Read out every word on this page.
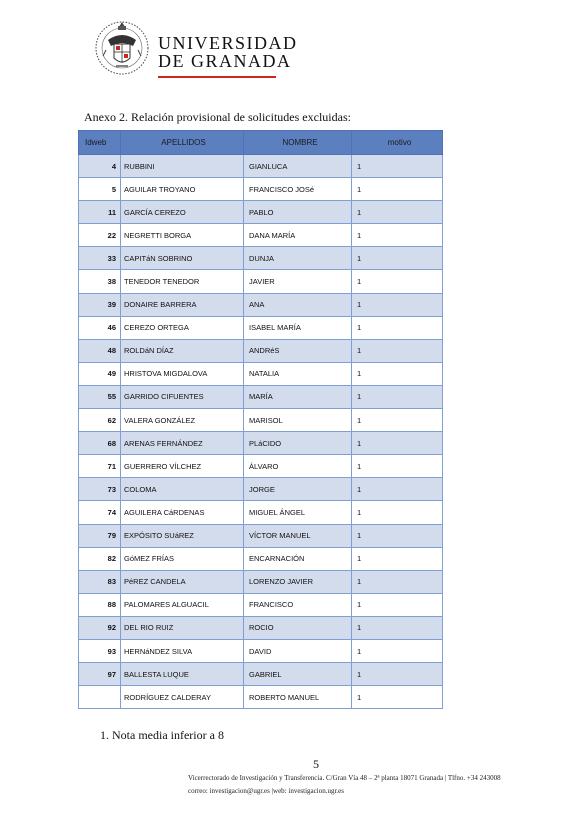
UNIVERSIDAD
DE GRANADA
Anexo 2. Relación provisional de solicitudes excluidas:
Idweb	APELLIDOS	NOMBRE	motivo
4	RUBBINI	GIANLUCA	1
5	AGUILAR TROYANO	FRANCISCO JOSé	1
11	GARCÍA CEREZO	PABLO	1
22	NEGRETTI BORGA	DANA MARÍA	1
33	CAPITáN SOBRINO	DUNJA	1
38	TENEDOR TENEDOR	JAVIER	1
39	DONAIRE BARRERA	ANA	1
46	CEREZO ORTEGA	ISABEL MARÍA	1
48	ROLDáN DÍAZ	ANDRéS	1
49	HRISTOVA MIGDALOVA	NATALIA	1
55	GARRIDO CIFUENTES	MARÍA	1
62	VALERA GONZÁLEZ	MARISOL	1
68	ARENAS FERNÁNDEZ	PLáCIDO	1
71	GUERRERO VÍLCHEZ	ÁLVARO	1
73	COLOMA	JORGE	1
74	AGUILERA CáRDENAS	MIGUEL ÁNGEL	1
79	EXPÓSITO SUáREZ	VÍCTOR MANUEL	1
82	GóMEZ FRÍAS	ENCARNACIÓN	1
83	PéREZ CANDELA	LORENZO JAVIER	1
88	PALOMARES ALGUACIL	FRANCISCO	1
92	DEL RIO RUIZ	ROCIO	1
93	HERNáNDEZ SILVA	DAVID	1
97	BALLESTA LUQUE	GABRIEL	1
	RODRÍGUEZ CALDERAY	ROBERTO MANUEL	1
1. Nota media inferior a 8
5
Vicerrectorado de Investigación y Transferencia. C/Gran Vía 48 – 2ª planta 18071 Granada | Tlfno. +34 243008
correo: investigacion@ugr.es |web: investigacion.ugr.es
